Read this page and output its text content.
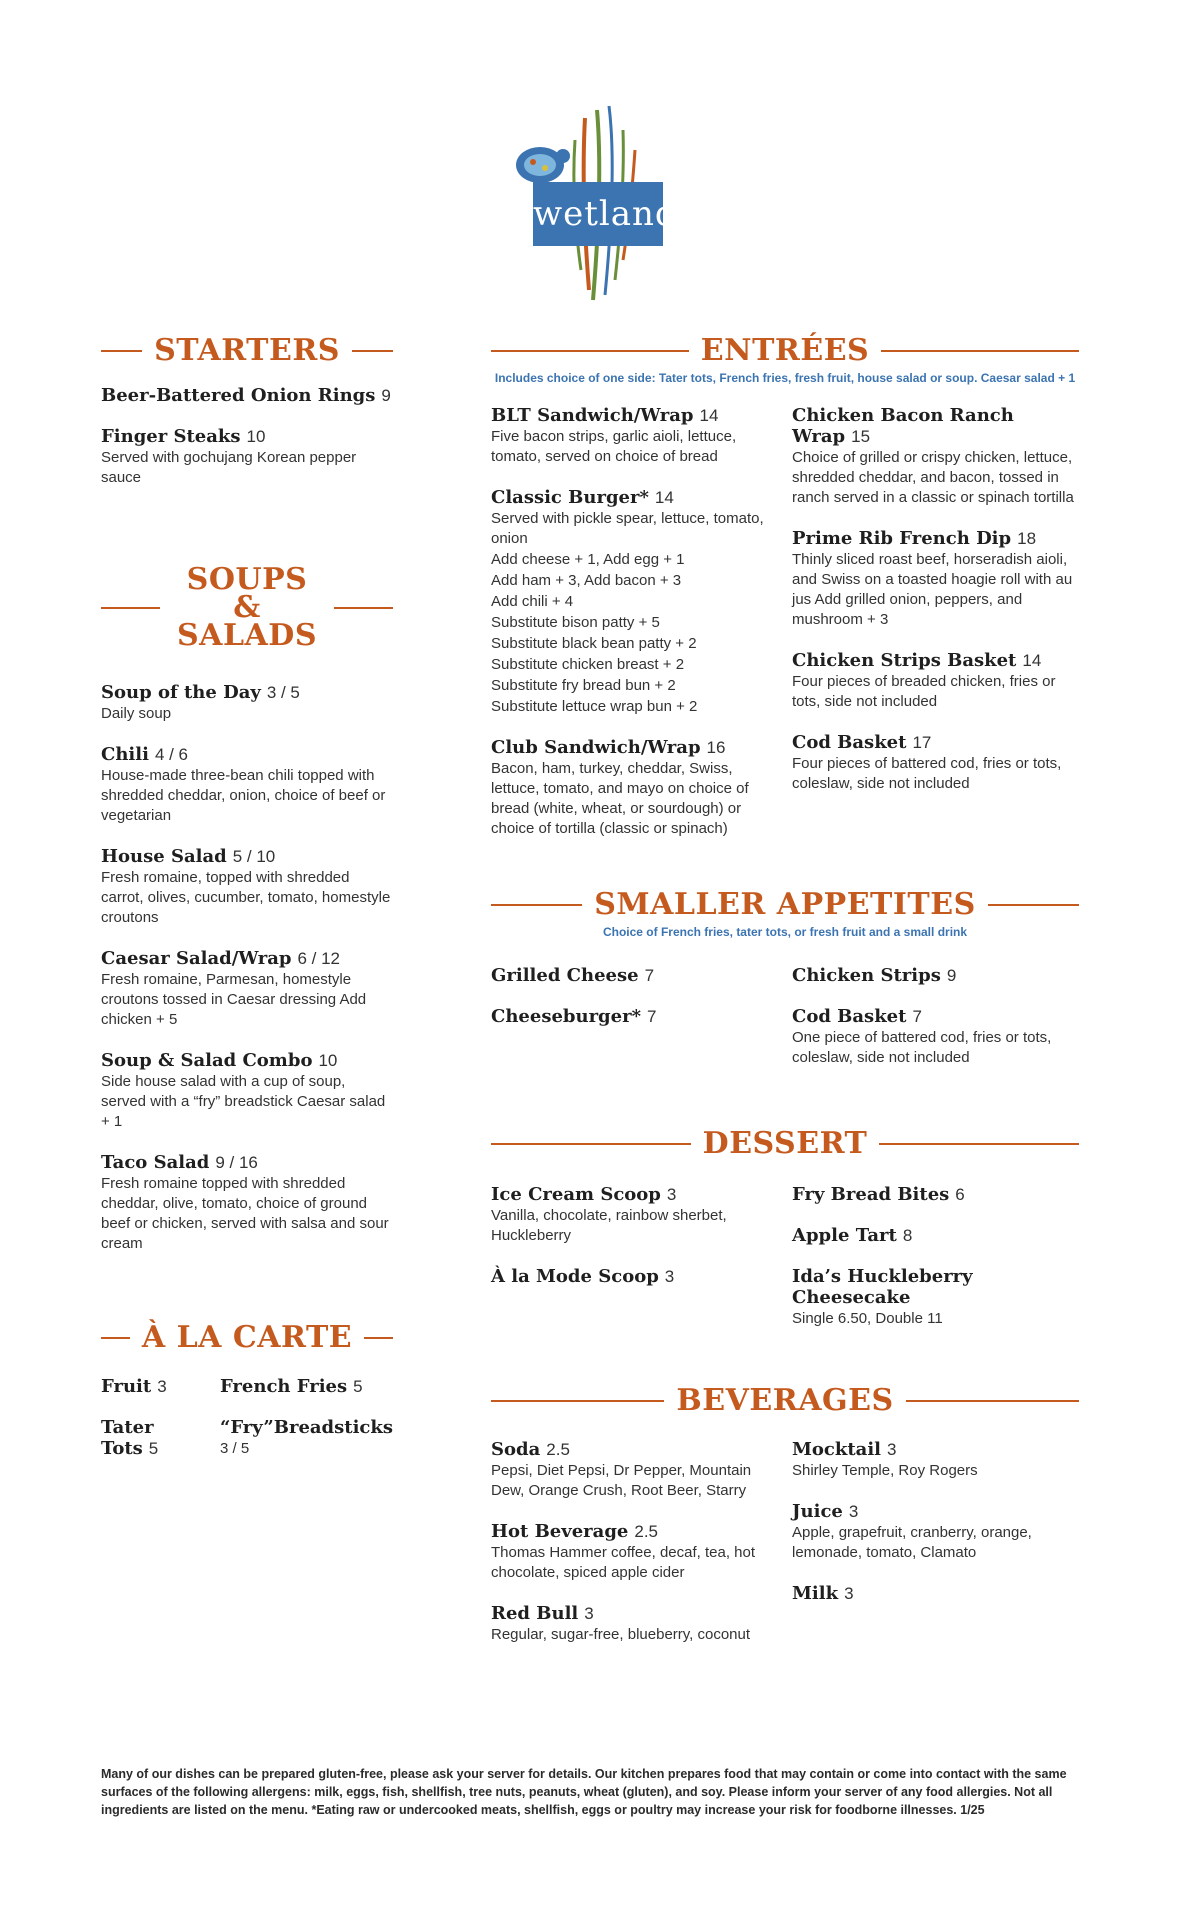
wetlands
STARTERS
Beer-Battered Onion Rings 9
Finger Steaks 10
Served with gochujang Korean pepper sauce
SOUPS & SALADS
Soup of the Day 3 / 5
Daily soup
Chili 4 / 6
House-made three-bean chili topped with shredded cheddar, onion, choice of beef or vegetarian
House Salad 5 / 10
Fresh romaine, topped with shredded carrot, olives, cucumber, tomato, homestyle croutons
Caesar Salad/Wrap 6 / 12
Fresh romaine, Parmesan, homestyle croutons tossed in Caesar dressing Add chicken + 5
Soup & Salad Combo 10
Side house salad with a cup of soup, served with a “fry” breadstick Caesar salad + 1
Taco Salad 9 / 16
Fresh romaine topped with shredded cheddar, olive, tomato, choice of ground beef or chicken, served with salsa and sour cream
À LA CARTE
Fruit 3
Tater Tots 5
French Fries 5
“Fry”Breadsticks
3 / 5
ENTRÉES
Includes choice of one side: Tater tots, French fries, fresh fruit, house salad or soup. Caesar salad + 1
BLT Sandwich/Wrap 14
Five bacon strips, garlic aioli, lettuce, tomato, served on choice of bread
Classic Burger* 14
Served with pickle spear, lettuce, tomato, onion
Add cheese + 1, Add egg + 1
Add ham + 3, Add bacon + 3
Add chili + 4
Substitute bison patty + 5
Substitute black bean patty + 2
Substitute chicken breast + 2
Substitute fry bread bun + 2
Substitute lettuce wrap bun + 2
Club Sandwich/Wrap 16
Bacon, ham, turkey, cheddar, Swiss, lettuce, tomato, and mayo on choice of bread (white, wheat, or sourdough) or choice of tortilla (classic or spinach)
Chicken Bacon Ranch Wrap 15
Choice of grilled or crispy chicken, lettuce, shredded cheddar, and bacon, tossed in ranch served in a classic or spinach tortilla
Prime Rib French Dip 18
Thinly sliced roast beef, horseradish aioli, and Swiss on a toasted hoagie roll with au jus Add grilled onion, peppers, and mushroom + 3
Chicken Strips Basket 14
Four pieces of breaded chicken, fries or tots, side not included
Cod Basket 17
Four pieces of battered cod, fries or tots, coleslaw, side not included
SMALLER APPETITES
Choice of French fries, tater tots, or fresh fruit and a small drink
Grilled Cheese 7
Cheeseburger* 7
Chicken Strips 9
Cod Basket 7
One piece of battered cod, fries or tots, coleslaw, side not included
DESSERT
Ice Cream Scoop 3
Vanilla, chocolate, rainbow sherbet, Huckleberry
À la Mode Scoop 3
Fry Bread Bites 6
Apple Tart 8
Ida’s Huckleberry Cheesecake
Single 6.50, Double 11
BEVERAGES
Soda 2.5
Pepsi, Diet Pepsi, Dr Pepper, Mountain Dew, Orange Crush, Root Beer, Starry
Hot Beverage 2.5
Thomas Hammer coffee, decaf, tea, hot chocolate, spiced apple cider
Red Bull 3
Regular, sugar-free, blueberry, coconut
Mocktail 3
Shirley Temple, Roy Rogers
Juice 3
Apple, grapefruit, cranberry, orange, lemonade, tomato, Clamato
Milk 3
Many of our dishes can be prepared gluten-free, please ask your server for details. Our kitchen prepares food that may contain or come into contact with the same surfaces of the following allergens: milk, eggs, fish, shellfish, tree nuts, peanuts, wheat (gluten), and soy. Please inform your server of any food allergies. Not all ingredients are listed on the menu. *Eating raw or undercooked meats, shellfish, eggs or poultry may increase your risk for foodborne illnesses. 1/25
